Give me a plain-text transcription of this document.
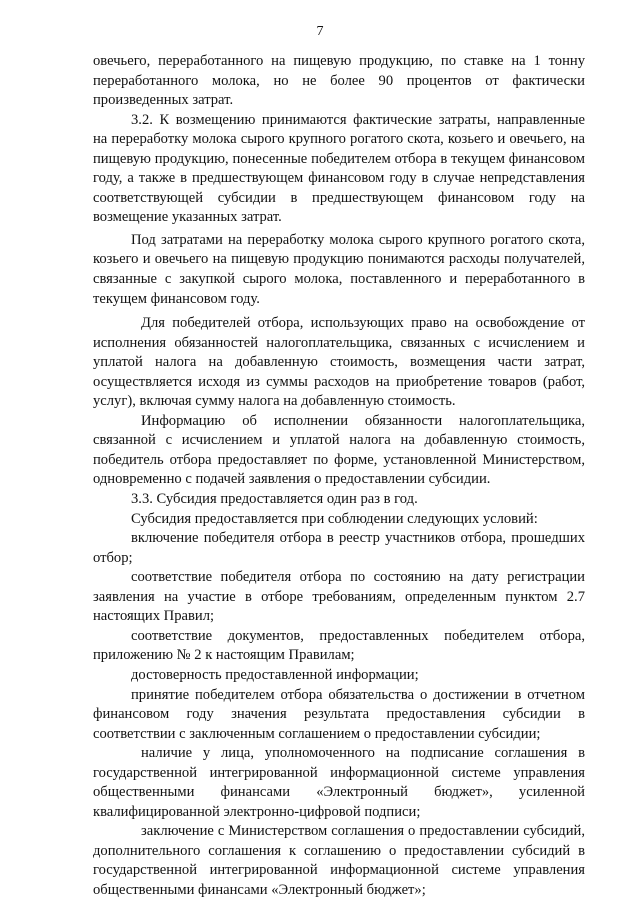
7

овечьего, переработанного на пищевую продукцию, по ставке на 1 тонну переработанного молока, но не более 90 процентов от фактически произведенных затрат.

3.2. К возмещению принимаются фактические затраты, направленные на переработку молока сырого крупного рогатого скота, козьего и овечьего, на пищевую продукцию, понесенные победителем отбора в текущем финансовом году, а также в предшествующем финансовом году в случае непредставления соответствующей субсидии в предшествующем финансовом году на возмещение указанных затрат.

Под затратами на переработку молока сырого крупного рогатого скота, козьего и овечьего на пищевую продукцию понимаются расходы получателей, связанные с закупкой сырого молока, поставленного и переработанного в текущем финансовом году.

Для победителей отбора, использующих право на освобождение от исполнения обязанностей налогоплательщика, связанных с исчислением и уплатой налога на добавленную стоимость, возмещения части затрат, осуществляется исходя из суммы расходов на приобретение товаров (работ, услуг), включая сумму налога на добавленную стоимость.

Информацию об исполнении обязанности налогоплательщика, связанной с исчислением и уплатой налога на добавленную стоимость, победитель отбора предоставляет по форме, установленной Министерством, одновременно с подачей заявления о предоставлении субсидии.

3.3. Субсидия предоставляется один раз в год.

Субсидия предоставляется при соблюдении следующих условий:

включение победителя отбора в реестр участников отбора, прошедших отбор;

соответствие победителя отбора по состоянию на дату регистрации заявления на участие в отборе требованиям, определенным пунктом 2.7 настоящих Правил;

соответствие документов, предоставленных победителем отбора, приложению № 2 к настоящим Правилам;

достоверность предоставленной информации;

принятие победителем отбора обязательства о достижении в отчетном финансовом году значения результата предоставления субсидии в соответствии с заключенным соглашением о предоставлении субсидии;

наличие у лица, уполномоченного на подписание соглашения в государственной интегрированной информационной системе управления общественными финансами «Электронный бюджет», усиленной квалифицированной электронно-цифровой подписи;

заключение с Министерством соглашения о предоставлении субсидий, дополнительного соглашения к соглашению о предоставлении субсидий в государственной интегрированной информационной системе управления общественными финансами «Электронный бюджет»;
